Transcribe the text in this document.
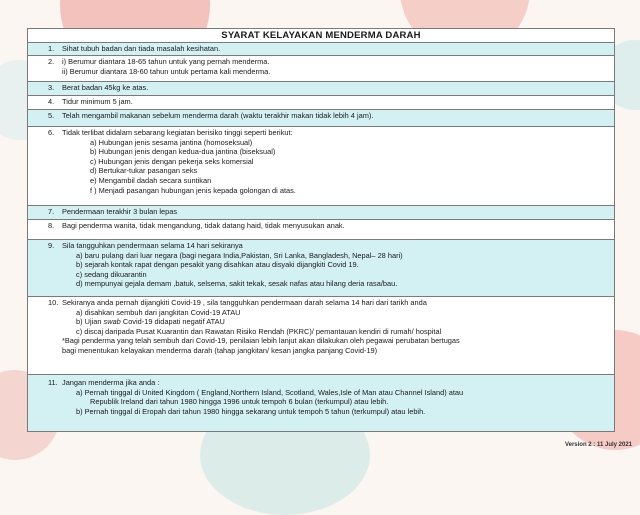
SYARAT KELAYAKAN MENDERMA DARAH
1. Sihat tubuh badan dan tiada masalah kesihatan.
2. i) Berumur diantara 18-65 tahun untuk yang pernah menderma.
ii) Berumur diantara 18-60 tahun untuk pertama kali menderma.
3. Berat badan 45kg ke atas.
4. Tidur minimum 5 jam.
5. Telah mengambil makanan sebelum menderma darah (waktu terakhir makan tidak lebih 4 jam).
6. Tidak terlibat didalam sebarang kegiatan berisiko tinggi seperti berikut:
a) Hubungan jenis sesama jantina (homoseksual)
b) Hubungan jenis dengan kedua-dua jantina (biseksual)
c) Hubungan jenis dengan pekerja seks komersial
d) Bertukar-tukar pasangan seks
e) Mengambil dadah secara suntikan
f ) Menjadi pasangan hubungan jenis kepada golongan di atas.
7. Pendermaan terakhir 3 bulan lepas
8. Bagi penderma wanita, tidak mengandung, tidak datang haid, tidak menyusukan anak.
9. Sila tangguhkan pendermaan selama 14 hari sekiranya
a) baru pulang dari luar negara (bagi negara India,Pakistan, Sri Lanka, Bangladesh, Nepal– 28 hari)
b) sejarah kontak rapat dengan pesakit yang disahkan atau disyaki dijangkiti Covid 19.
c) sedang dikuarantin
d) mempunyai gejala demam ,batuk, selsema, sakit tekak, sesak nafas atau hilang deria rasa/bau.
10. Sekiranya anda pernah dijangkiti Covid-19 , sila tangguhkan pendermaan darah selama 14 hari dari tarikh anda
a) disahkan sembuh dari jangkitan Covid-19 ATAU
b) Ujian swab Covid-19 didapati negatif ATAU
c) discaj daripada Pusat Kuarantin dan Rawatan Risiko Rendah (PKRC)/ pemantauan kendiri di rumah/ hospital
*Bagi penderma yang telah sembuh dari Covid-19, penilaian lebih lanjut akan dilakukan oleh pegawai perubatan bertugas
bagi menentukan kelayakan menderma darah (tahap jangkitan/ kesan jangka panjang Covid-19)
11. Jangan menderma jika anda :
a) Pernah tinggal di United Kingdom ( England,Northern Island, Scotland, Wales,Isle of Man atau Channel Island) atau
Republik Ireland dari tahun 1980 hingga 1996 untuk tempoh 6 bulan (terkumpul) atau lebih.
b) Pernah tinggal di Eropah dari tahun 1980 hingga sekarang untuk tempoh 5 tahun (terkumpul) atau lebih.
Version 2 : 11 July 2021
